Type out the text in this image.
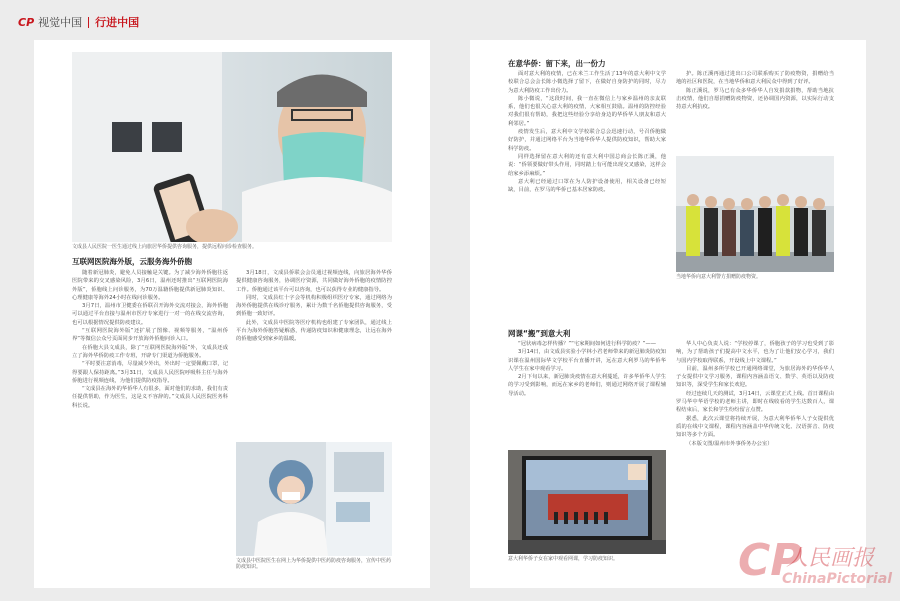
CP 视觉中国 行进中国
文成县人民医院一医生通过线上向旅居华侨提供咨询服务，提供远程问诊检查服务。
互联网医院海外版，云服务海外侨胞

随着新冠肺炎，避免人员接触是关键。为了减少海外侨胞往返医院带来的交叉感染风险，3月6日，温州还时推出“互联网医院海外版”，侨胞线上问诊服务，为70万温籍侨胞提供新冠肺炎知识、心理健康等海外24小时在线问诊服务。

3月7日，温州市卫健委在侨联召开海外交流对接会，海外侨胞可以通过平台直接与温州市医疗专家进行一对一的在线交流咨询，也可以根据情况提供防疫建议。

“互联网医院海外版”还扩展了图像、视频等服务，“温州侨界”等微信公众号页面同步开放海外侨胞问诊入口。

在侨胞大县文成县，除了“互联网医院海外版”外，文成县还成立了海外华侨防疫工作专班，开辟专门渠道为侨胞服务。

“平时要注意消毒，尽量减少外出，外出时一定要佩戴口罩，记得要跟人保持距离。”3月31日，文成县人民医院呼吸科主任与海外侨胞进行视频连线，为他们提供防疫指导。

“文成县在海外的华侨华人有很多，面对他们的求助，我们有责任提供帮助，作为医生，这是义不容辞的。”文成县人民医院医务科科长说。

3月18日，文成县侨联会会员通过视频连线，向旅居海外华侨提供健康咨询服务，协调医疗资源，共同做好海外侨胞的疫情防控工作。侨胞通过该平台可以咨询，也可以获得专业的健康指导。

同时，文成县红十字会等机构积极组织医疗专家，通过网络为海外侨胞提供在线诊疗服务，累计为数千名侨胞提供咨询服务，受到侨胞一致好评。

此外，文成县中医院等医疗机构也组建了专家团队，通过线上平台为海外侨胞答疑解惑，传递防疫知识和健康理念，让远在海外的侨胞感受到家乡的温暖。

文成县中医院医生在网上为华侨提供中医药防疫咨询服务，宣传中医药防疫知识。
在意华侨：留下来，出一份力

面对意大利的疫情，已在米兰工作生活了13年的意大利中文学校联合总会会长陈小微选择了留下，在做好自身防护的同时，尽力为意大利防疫工作出份力。

陈小微说，“这段时间，我一直在微信上与家乡温州的亲友联系，他们也很关心意大利的疫情，大家相互鼓励。温州的防控经验对我们很有帮助，我把这些经验分享给身边的华侨华人朋友和意大利邻居。”

疫情发生后，意大利中文学校联合总会迅速行动，号召侨胞做好防护，并通过网络平台为当地华侨华人提供防疫知识，帮助大家科学防疫。

同样选择留在意大利的还有意大利中国总商会长陈正溪，他说：“侨领要做好带头作用，同时踏上有可能出现交叉感染，这样会给家乡添麻烦。”

意大利已经通过口罩在为人防护设备使用，相关设备已经短缺，目前，在罗马的华侨已基本居家防疫。

护。陈正溪再通过进出口公司联系购买了防疫物资，捐赠给当地的社区和医院，在当地华侨和意大利民众中得到了好评。

陈正溪说，罗马已有众多华侨华人自发捐款捐物，帮助当地抗击疫情，他们自愿捐赠防疫物资，还协调国内资源，以实际行动支持意大利抗疫。

当地华侨向意大利警方捐赠防疫物资。
网课“搬”到意大利

“冠状病毒怎样传播？”“宅家期间如何进行科学防疫？”——

3月14日，由文成县实验小学林小君老师带来的新冠肺炎防疫知识课在温州国际华文学校平台直播开讲，远在意大利罗马的华侨华人学生在家中观看学习。

2月下旬以来，新冠肺炎疫情在意大利蔓延，许多华侨华人学生的学习受到影响，而远在家乡的老师们，则通过网络开展了课程辅导活动。

意大利华侨子女在家中观看网课，学习防疫知识。

华人中心负责人说：“学校停课了，侨胞孩子的学习也受到了影响，为了帮助孩子们提高中文水平，也为了让他们安心学习，我们与国内学校取得联系，开设线上中文课程。”

目前，温州多所学校已开通网络课堂，为旅居海外的华侨华人子女提供中文学习服务，课程内容涵盖语文、数学、英语以及防疫知识等，深受学生和家长欢迎。

经过连续几天的测试，3月14日，云课堂正式上线。首日课程由罗马华中华语学校的老师主讲，即时在线收看的学生达数百人，课程结束后，家长和学生纷纷留言点赞。

据悉，此次云课堂将持续开展，为意大利华侨华人子女提供优质的在线中文课程，课程内容涵盖中华传统文化、汉语拼音、防疫知识等多个方面。

（本版文图/温州市外事侨务办公室）

CP
人民画报
ChinaPictorial
